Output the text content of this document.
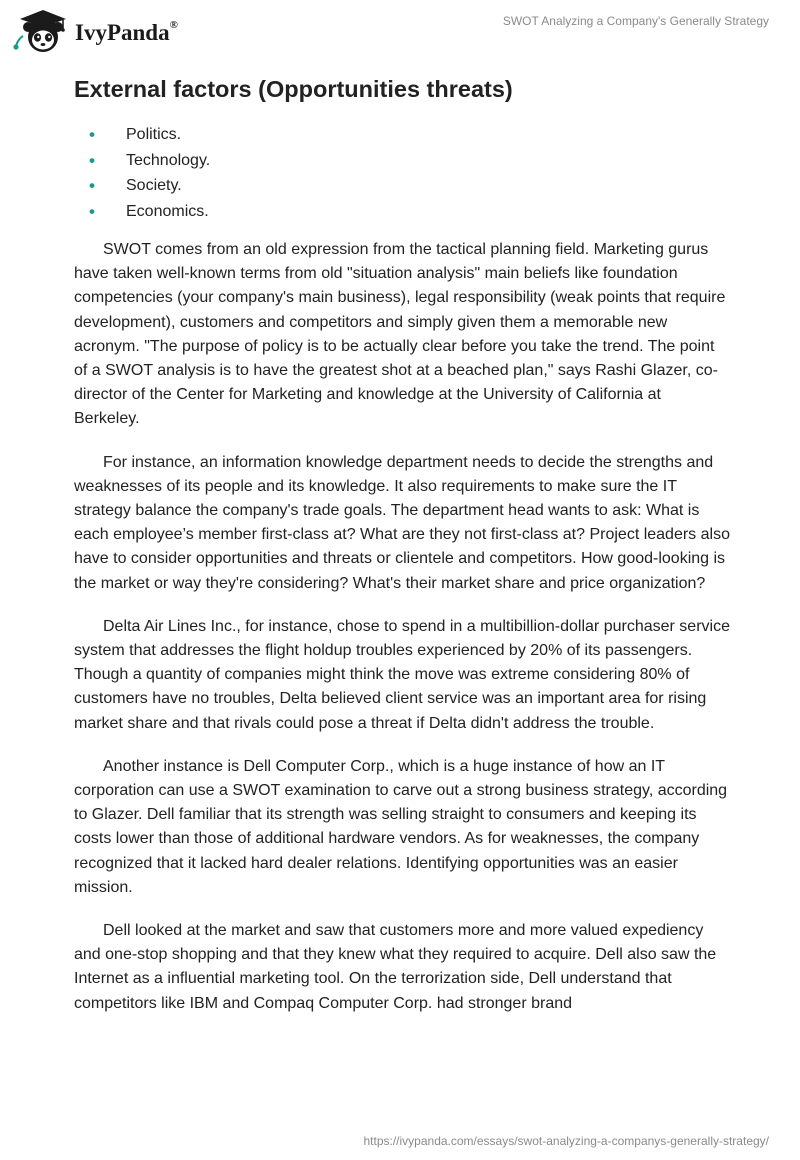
IvyPanda®	SWOT Analyzing a Company's Generally Strategy
External factors (Opportunities threats)
• Politics.
• Technology.
• Society.
• Economics.

SWOT comes from an old expression from the tactical planning field. Marketing gurus have taken well-known terms from old "situation analysis" main beliefs like foundation competencies (your company's main business), legal responsibility (weak points that require development), customers and competitors and simply given them a memorable new acronym. "The purpose of policy is to be actually clear before you take the trend. The point of a SWOT analysis is to have the greatest shot at a beached plan," says Rashi Glazer, co-director of the Center for Marketing and knowledge at the University of California at Berkeley.

For instance, an information knowledge department needs to decide the strengths and weaknesses of its people and its knowledge. It also requirements to make sure the IT strategy balance the company's trade goals. The department head wants to ask: What is each employee’s member first-class at? What are they not first-class at? Project leaders also have to consider opportunities and threats or clientele and competitors. How good-looking is the market or way they're considering? What's their market share and price organization?

Delta Air Lines Inc., for instance, chose to spend in a multibillion-dollar purchaser service system that addresses the flight holdup troubles experienced by 20% of its passengers. Though a quantity of companies might think the move was extreme considering 80% of customers have no troubles, Delta believed client service was an important area for rising market share and that rivals could pose a threat if Delta didn't address the trouble.

Another instance is Dell Computer Corp., which is a huge instance of how an IT corporation can use a SWOT examination to carve out a strong business strategy, according to Glazer. Dell familiar that its strength was selling straight to consumers and keeping its costs lower than those of additional hardware vendors. As for weaknesses, the company recognized that it lacked hard dealer relations. Identifying opportunities was an easier mission.

Dell looked at the market and saw that customers more and more valued expediency and one-stop shopping and that they knew what they required to acquire. Dell also saw the Internet as a influential marketing tool. On the terrorization side, Dell understand that competitors like IBM and Compaq Computer Corp. had stronger brand

https://ivypanda.com/essays/swot-analyzing-a-companys-generally-strategy/
